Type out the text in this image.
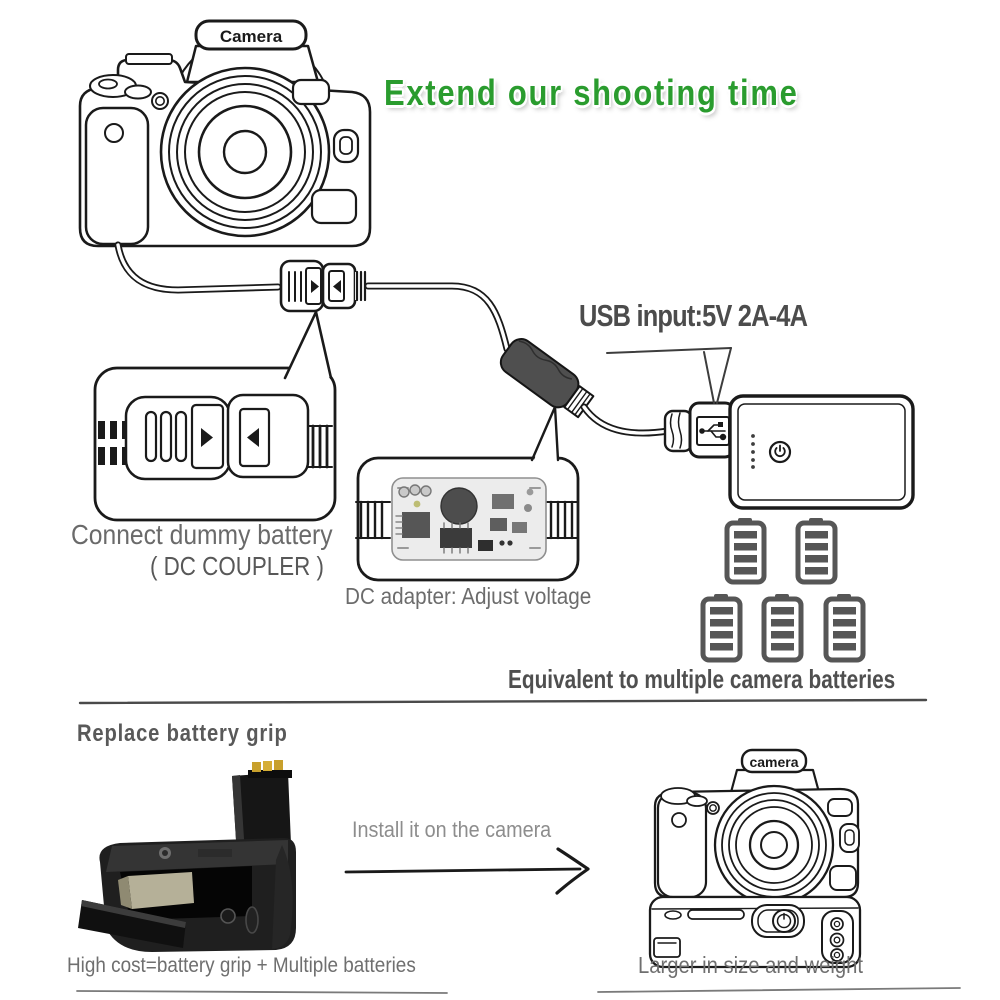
Camera
camera
Extend our shooting time
USB input:5V 2A-4A
Connect dummy battery
( DC COUPLER )
DC adapter: Adjust voltage
Equivalent to multiple camera batteries
Replace battery grip
Install it on the camera
High cost=battery grip + Multiple batteries	Larger in size and weight
